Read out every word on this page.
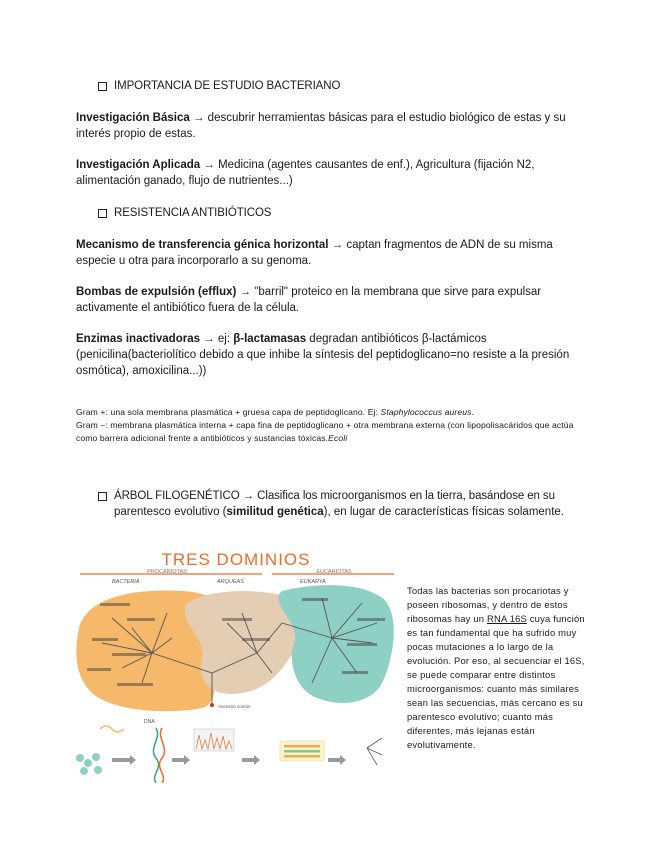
IMPORTANCIA DE ESTUDIO BACTERIANO
Investigación Básica → descubrir herramientas básicas para el estudio biológico de estas y su interés propio de estas.
Investigación Aplicada → Medicina (agentes causantes de enf.), Agricultura (fijación N2, alimentación ganado, flujo de nutrientes...)
RESISTENCIA ANTIBIÓTICOS
Mecanismo de transferencia génica horizontal → captan fragmentos de ADN de su misma especie u otra para incorporarlo a su genoma.
Bombas de expulsión (efflux) → "barril" proteico en la membrana que sirve para expulsar activamente el antibiótico fuera de la célula.
Enzimas inactivadoras → ej: β-lactamasas degradan antibióticos β-lactámicos (penicilina(bacteriolítico debido a que inhibe la síntesis del peptidoglicano=no resiste a la presión osmótica), amoxicilina...))
Gram +: una sola membrana plasmática + gruesa capa de peptidoglicano. Ej: Staphylococcus aureus.
Gram –: membrana plasmática interna + capa fina de peptidoglicano + otra membrana externa (con lipopolisacáridos que actúa como barrera adicional frente a antibióticos y sustancias tóxicas.Ecoli
ÁRBOL FILOGENÉTICO → Clasifica los microorganismos en la tierra, basándose en su
parentesco evolutivo (similitud genética), en lugar de características físicas solamente.
TRES DOMINIOS
PROCARIOTAS	EUCARIOTAS
BACTERIA	ARQUEAS	EUKARYA
Ancestro común
DNA
Todas las bacterias son procariotas y poseen ribosomas, y dentro de estos ribosomas hay un RNA 16S cuya función es tan fundamental que ha sufrido muy pocas mutaciones a lo largo de la evolución. Por eso, al secuenciar el 16S, se puede comparar entre distintos microorganismos: cuanto más similares sean las secuencias, más cercano es su parentesco evolutivo; cuanto más diferentes, más lejanas están evolutivamente.
